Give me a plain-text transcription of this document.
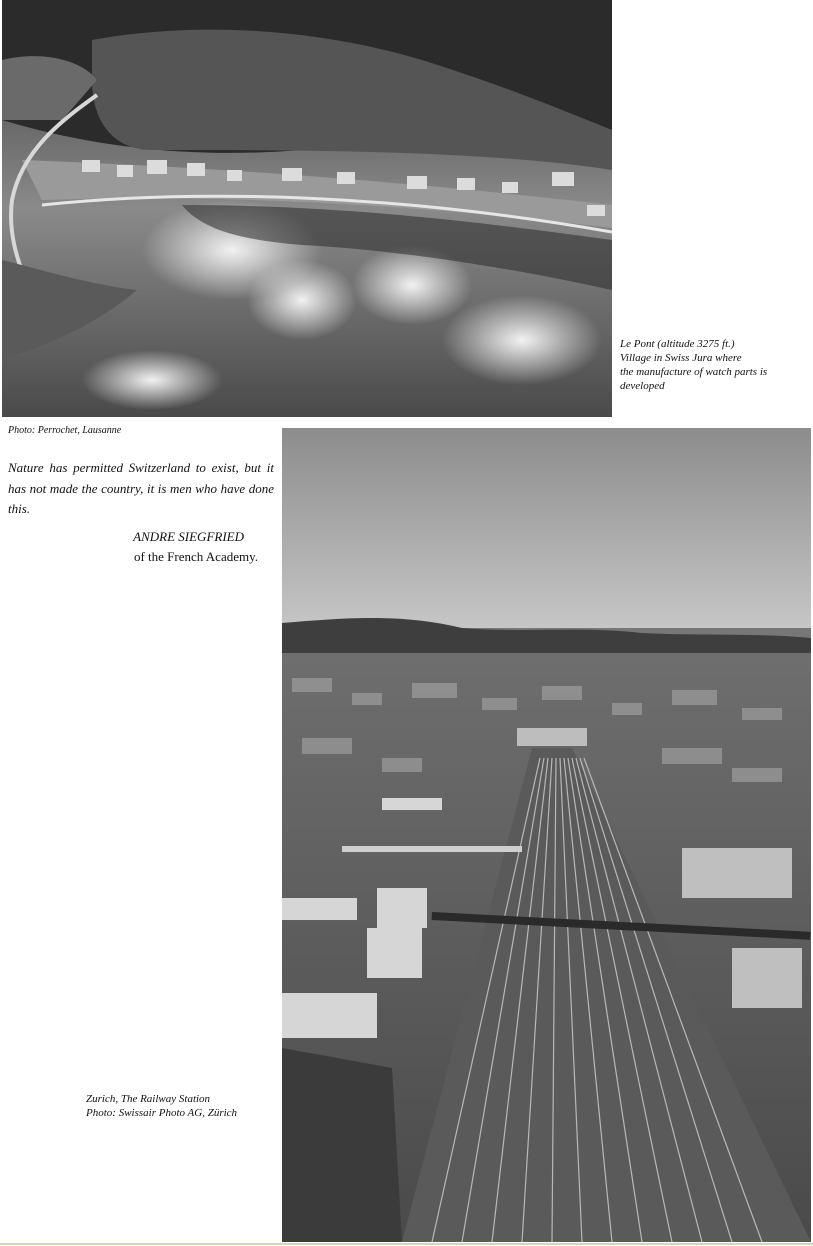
Le Pont (altitude 3275 ft.)
Village in Swiss Jura where
the manufacture of watch parts is
developed
Photo: Perrochet, Lausanne

Nature has permitted Switzerland to exist, but it has not made the country, it is men who have done this.

ANDRE SIEGFRIED
of the French Academy.
Zurich, The Railway Station
Photo: Swissair Photo AG, Zürich
